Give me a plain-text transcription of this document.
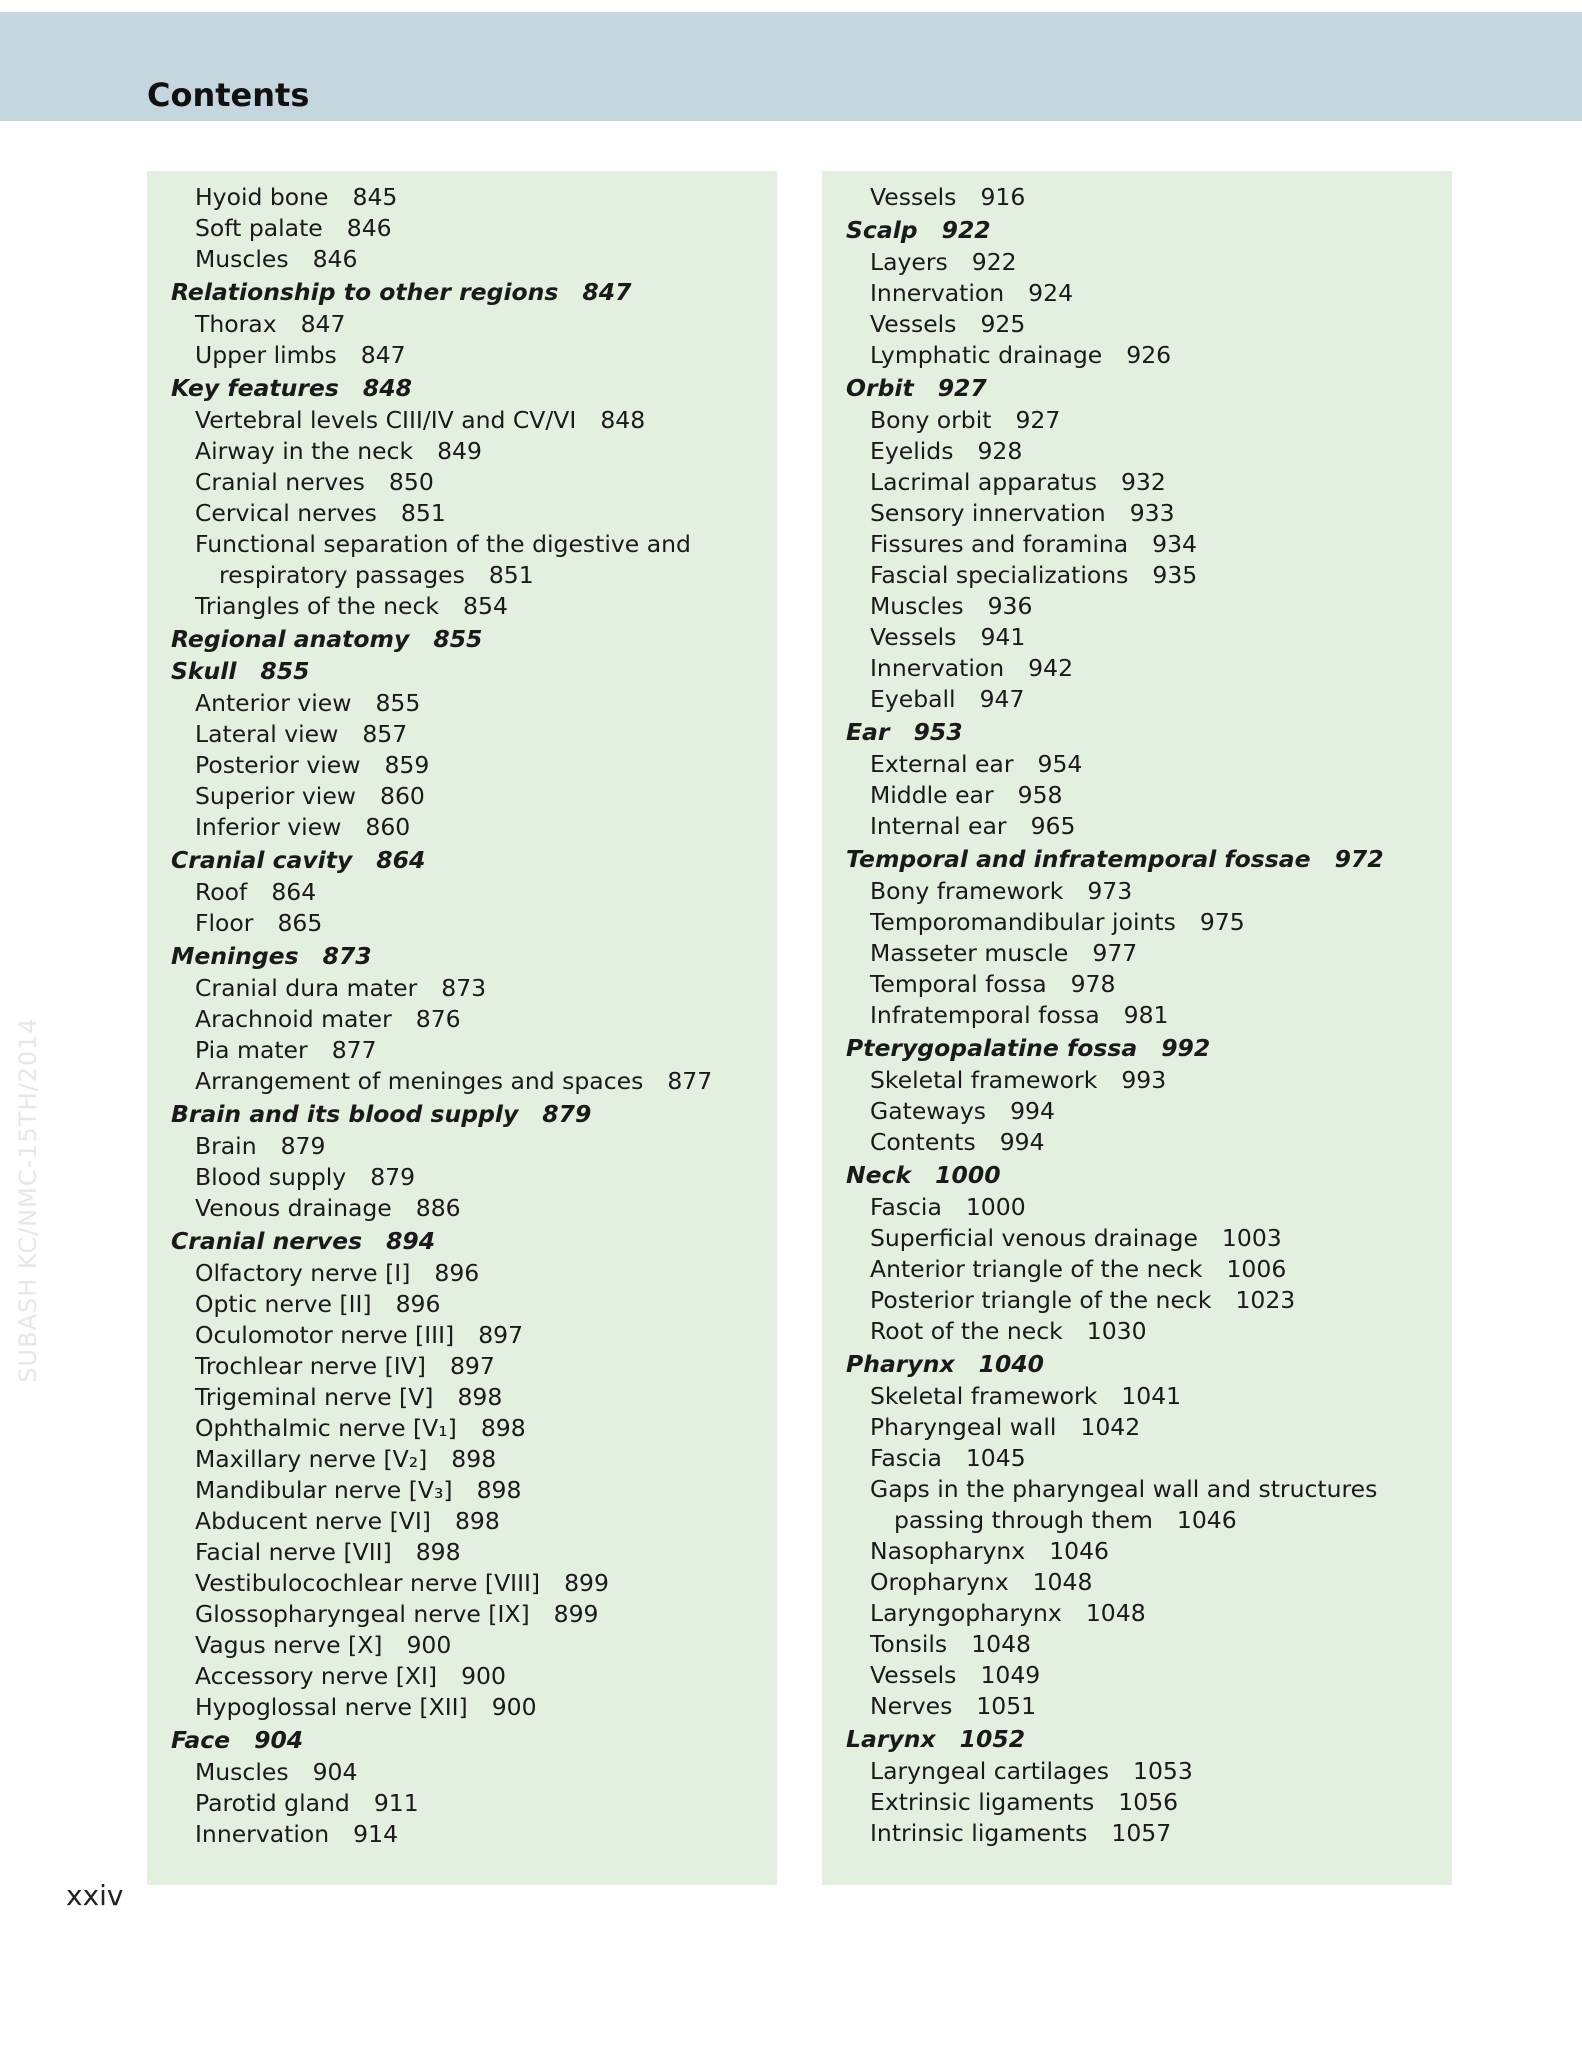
Contents

SUBASH KC/NMC-15TH/2014

Hyoid bone 845

Soft palate 846

Muscles 846

Relationship to other regions 847

Thorax 847

Upper limbs 847

Key features 848

Vertebral levels CIII/IV and CV/VI 848

Airway in the neck 849

Cranial nerves 850

Cervical nerves 851

Functional separation of the digestive and respiratory passages 851

Triangles of the neck 854

Regional anatomy 855

Skull 855

Anterior view 855

Lateral view 857

Posterior view 859

Superior view 860

Inferior view 860

Cranial cavity 864

Roof 864

Floor 865

Meninges 873

Cranial dura mater 873

Arachnoid mater 876

Pia mater 877

Arrangement of meninges and spaces 877

Brain and its blood supply 879

Brain 879

Blood supply 879

Venous drainage 886

Cranial nerves 894

Olfactory nerve [I] 896

Optic nerve [II] 896

Oculomotor nerve [III] 897

Trochlear nerve [IV] 897

Trigeminal nerve [V] 898

Ophthalmic nerve [V₁] 898

Maxillary nerve [V₂] 898

Mandibular nerve [V₃] 898

Abducent nerve [VI] 898

Facial nerve [VII] 898

Vestibulocochlear nerve [VIII] 899

Glossopharyngeal nerve [IX] 899

Vagus nerve [X] 900

Accessory nerve [XI] 900

Hypoglossal nerve [XII] 900

Face 904

Muscles 904

Parotid gland 911

Innervation 914

Vessels 916

Scalp 922

Layers 922

Innervation 924

Vessels 925

Lymphatic drainage 926

Orbit 927

Bony orbit 927

Eyelids 928

Lacrimal apparatus 932

Sensory innervation 933

Fissures and foramina 934

Fascial specializations 935

Muscles 936

Vessels 941

Innervation 942

Eyeball 947

Ear 953

External ear 954

Middle ear 958

Internal ear 965

Temporal and infratemporal fossae 972

Bony framework 973

Temporomandibular joints 975

Masseter muscle 977

Temporal fossa 978

Infratemporal fossa 981

Pterygopalatine fossa 992

Skeletal framework 993

Gateways 994

Contents 994

Neck 1000

Fascia 1000

Superficial venous drainage 1003

Anterior triangle of the neck 1006

Posterior triangle of the neck 1023

Root of the neck 1030

Pharynx 1040

Skeletal framework 1041

Pharyngeal wall 1042

Fascia 1045

Gaps in the pharyngeal wall and structures passing through them 1046

Nasopharynx 1046

Oropharynx 1048

Laryngopharynx 1048

Tonsils 1048

Vessels 1049

Nerves 1051

Larynx 1052

Laryngeal cartilages 1053

Extrinsic ligaments 1056

Intrinsic ligaments 1057

xxiv
